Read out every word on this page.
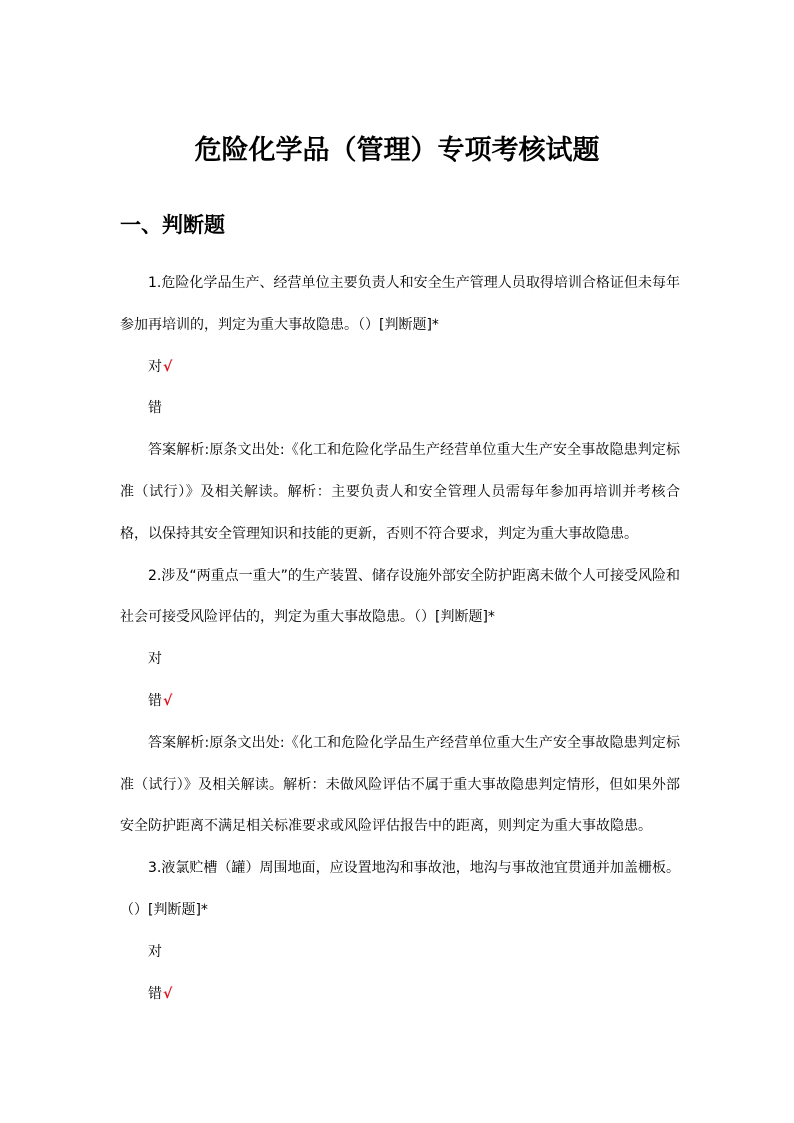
危险化学品（管理）专项考核试题
一、判断题

1.危险化学品生产、经营单位主要负责人和安全生产管理人员取得培训合格证但未每年参加再培训的，判定为重大事故隐患。（）[判断题]*

对√

错

答案解析:原条文出处:《化工和危险化学品生产经营单位重大生产安全事故隐患判定标准（试行）》及相关解读。解析：主要负责人和安全管理人员需每年参加再培训并考核合格，以保持其安全管理知识和技能的更新，否则不符合要求，判定为重大事故隐患。

2.涉及“两重点一重大”的生产装置、储存设施外部安全防护距离未做个人可接受风险和社会可接受风险评估的，判定为重大事故隐患。（）[判断题]*

对

错√

答案解析:原条文出处:《化工和危险化学品生产经营单位重大生产安全事故隐患判定标准（试行）》及相关解读。解析：未做风险评估不属于重大事故隐患判定情形，但如果外部安全防护距离不满足相关标准要求或风险评估报告中的距离，则判定为重大事故隐患。

3.液氯贮槽（罐）周围地面，应设置地沟和事故池，地沟与事故池宜贯通并加盖栅板。（）[判断题]*

对

错√
